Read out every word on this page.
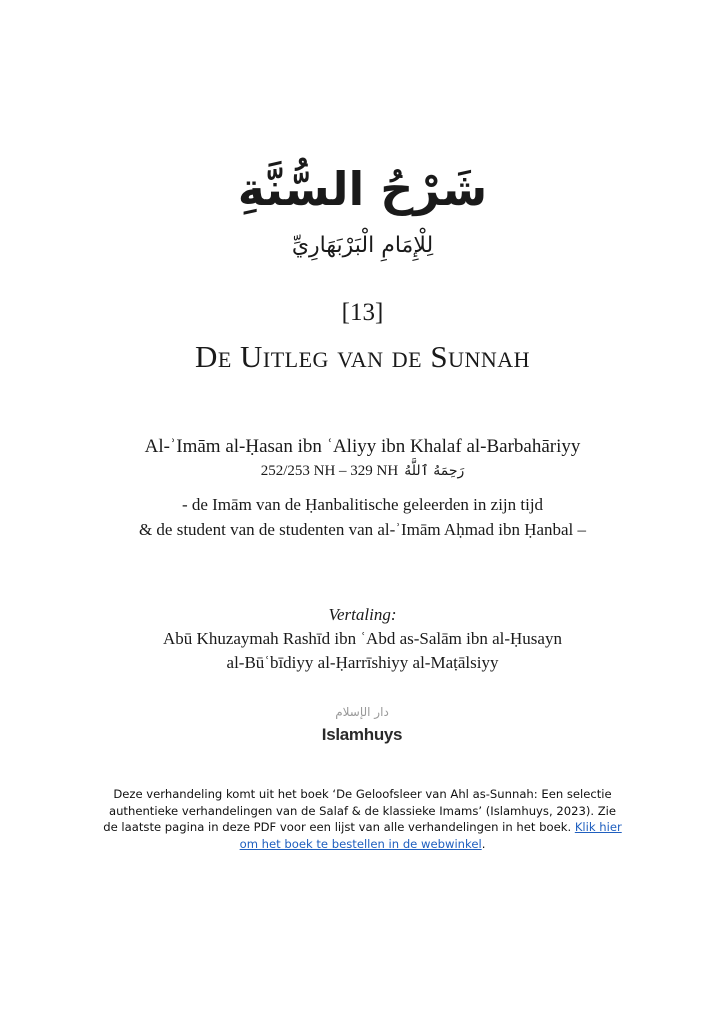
شَرْحُ السُّنَّةِ
لِلْإِمَامِ الْبَرْبَهَارِيِّ
[13]
De Uitleg van de Sunnah
Al-ʾImām al-Ḥasan ibn ʿAliyy ibn Khalaf al-Barbahāriyy
252/253 NH – 329 NH رَحِمَهُ ٱللَّهُ
- de Imām van de Ḥanbalitische geleerden in zijn tijd
& de student van de studenten van al-ʾImām Aḥmad ibn Ḥanbal –
Vertaling:
Abū Khuzaymah Rashīd ibn ʿAbd as-Salām ibn al-Ḥusayn
al-Būʿbīdiyy al-Ḥarrīshiyy al-Maṭālsiyy
دار الإسلام
Islamhuys
Deze verhandeling komt uit het boek ‘De Geloofsleer van Ahl as-Sunnah: Een selectie authentieke verhandelingen van de Salaf & de klassieke Imams’ (Islamhuys, 2023). Zie de laatste pagina in deze PDF voor een lijst van alle verhandelingen in het boek. Klik hier om het boek te bestellen in de webwinkel.
